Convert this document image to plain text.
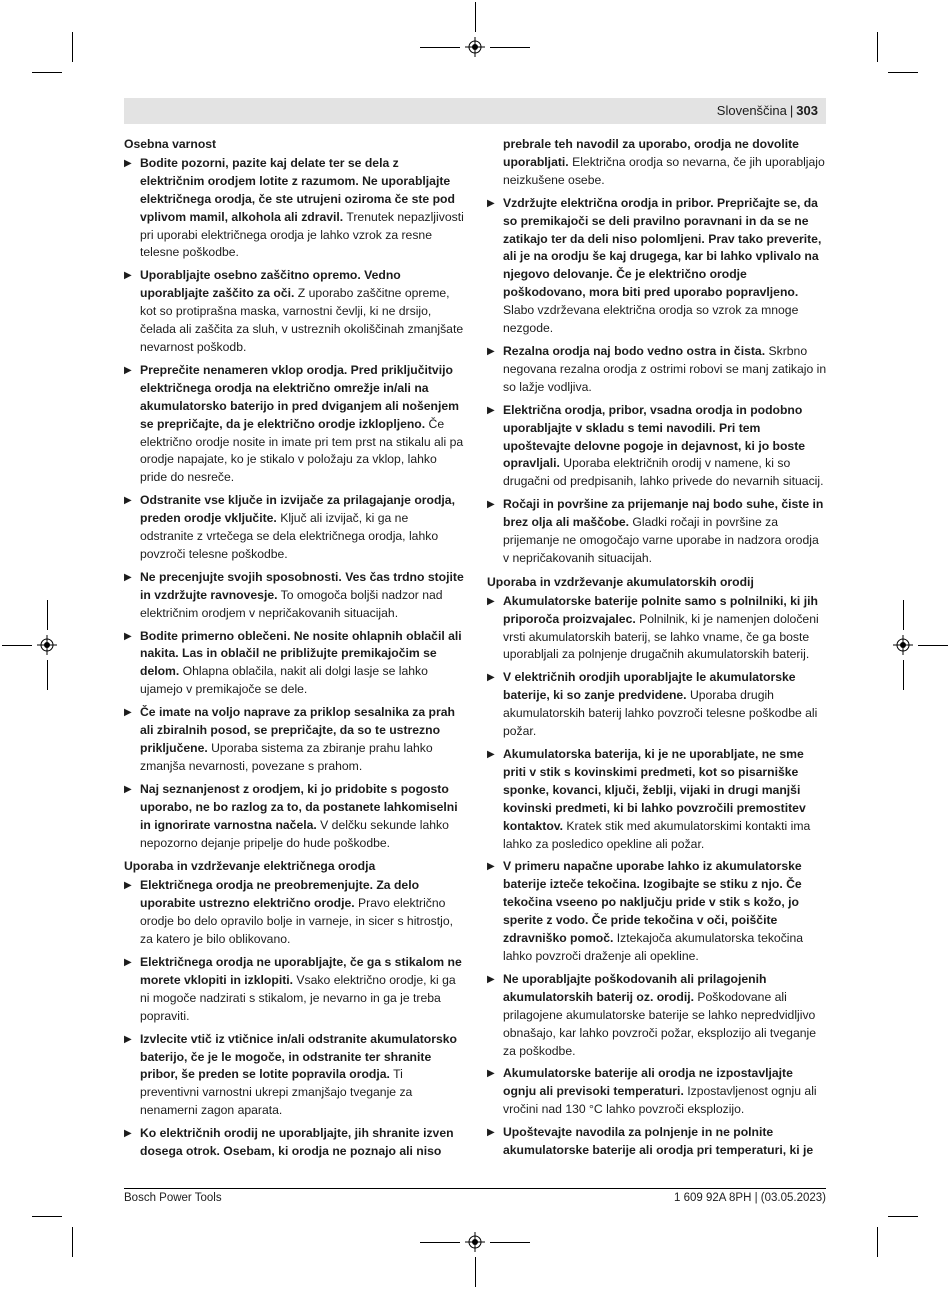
Slovenščina | 303
Osebna varnost
▶ Bodite pozorni, pazite kaj delate ter se dela z električnim orodjem lotite z razumom. Ne uporabljajte električnega orodja, če ste utrujeni oziroma če ste pod vplivom mamil, alkohola ali zdravil. Trenutek nepazljivosti pri uporabi električnega orodja je lahko vzrok za resne telesne poškodbe.
▶ Uporabljajte osebno zaščitno opremo. Vedno uporabljajte zaščito za oči. Z uporabo zaščitne opreme, kot so protiprašna maska, varnostni čevlji, ki ne drsijo, čelada ali zaščita za sluh, v ustreznih okoliščinah zmanjšate nevarnost poškodb.
▶ Preprečite nenameren vklop orodja. Pred priključitvijo električnega orodja na električno omrežje in/ali na akumulatorsko baterijo in pred dviganjem ali nošenjem se prepričajte, da je električno orodje izklopljeno. Če električno orodje nosite in imate pri tem prst na stikalu ali pa orodje napajate, ko je stikalo v položaju za vklop, lahko pride do nesreče.
▶ Odstranite vse ključe in izvijače za prilagajanje orodja, preden orodje vključite. Ključ ali izvijač, ki ga ne odstranite z vrtečega se dela električnega orodja, lahko povzroči telesne poškodbe.
▶ Ne precenjujte svojih sposobnosti. Ves čas trdno stojite in vzdržujte ravnovesje. To omogoča boljši nadzor nad električnim orodjem v nepričakovanih situacijah.
▶ Bodite primerno oblečeni. Ne nosite ohlapnih oblačil ali nakita. Las in oblačil ne približujte premikajočim se delom. Ohlapna oblačila, nakit ali dolgi lasje se lahko ujamejo v premikajoče se dele.
▶ Če imate na voljo naprave za priklop sesalnika za prah ali zbiralnih posod, se prepričajte, da so te ustrezno priključene. Uporaba sistema za zbiranje prahu lahko zmanjša nevarnosti, povezane s prahom.
▶ Naj seznanjenost z orodjem, ki jo pridobite s pogosto uporabo, ne bo razlog za to, da postanete lahkomiselni in ignorirate varnostna načela. V delčku sekunde lahko nepozorno dejanje pripelje do hude poškodbe.
Uporaba in vzdrževanje električnega orodja
▶ Električnega orodja ne preobremenjujte. Za delo uporabite ustrezno električno orodje. Pravo električno orodje bo delo opravilo bolje in varneje, in sicer s hitrostjo, za katero je bilo oblikovano.
▶ Električnega orodja ne uporabljajte, če ga s stikalom ne morete vklopiti in izklopiti. Vsako električno orodje, ki ga ni mogoče nadzirati s stikalom, je nevarno in ga je treba popraviti.
▶ Izvlecite vtič iz vtičnice in/ali odstranite akumulatorsko baterijo, če je le mogoče, in odstranite ter shranite pribor, še preden se lotite popravila orodja. Ti preventivni varnostni ukrepi zmanjšajo tveganje za nenamerni zagon aparata.
▶ Ko električnih orodij ne uporabljajte, jih shranite izven dosega otrok. Osebam, ki orodja ne poznajo ali niso
prebrale teh navodil za uporabo, orodja ne dovolite uporabljati. Električna orodja so nevarna, če jih uporabljajo neizkušene osebe.
▶ Vzdržujte električna orodja in pribor. Prepričajte se, da so premikajoči se deli pravilno poravnani in da se ne zatikajo ter da deli niso polomljeni. Prav tako preverite, ali je na orodju še kaj drugega, kar bi lahko vplivalo na njegovo delovanje. Če je električno orodje poškodovano, mora biti pred uporabo popravljeno. Slabo vzdrževana električna orodja so vzrok za mnoge nezgode.
▶ Rezalna orodja naj bodo vedno ostra in čista. Skrbno negovana rezalna orodja z ostrimi robovi se manj zatikajo in so lažje vodljiva.
▶ Električna orodja, pribor, vsadna orodja in podobno uporabljajte v skladu s temi navodili. Pri tem upoštevajte delovne pogoje in dejavnost, ki jo boste opravljali. Uporaba električnih orodij v namene, ki so drugačni od predpisanih, lahko privede do nevarnih situacij.
▶ Ročaji in površine za prijemanje naj bodo suhe, čiste in brez olja ali maščobe. Gladki ročaji in površine za prijemanje ne omogočajo varne uporabe in nadzora orodja v nepričakovanih situacijah.
Uporaba in vzdrževanje akumulatorskih orodij
▶ Akumulatorske baterije polnite samo s polnilniki, ki jih priporoča proizvajalec. Polnilnik, ki je namenjen določeni vrsti akumulatorskih baterij, se lahko vname, če ga boste uporabljali za polnjenje drugačnih akumulatorskih baterij.
▶ V električnih orodjih uporabljajte le akumulatorske baterije, ki so zanje predvidene. Uporaba drugih akumulatorskih baterij lahko povzroči telesne poškodbe ali požar.
▶ Akumulatorska baterija, ki je ne uporabljate, ne sme priti v stik s kovinskimi predmeti, kot so pisarniške sponke, kovanci, ključi, žeblji, vijaki in drugi manjši kovinski predmeti, ki bi lahko povzročili premostitev kontaktov. Kratek stik med akumulatorskimi kontakti ima lahko za posledico opekline ali požar.
▶ V primeru napačne uporabe lahko iz akumulatorske baterije izteče tekočina. Izogibajte se stiku z njo. Če tekočina vseeno po naključju pride v stik s kožo, jo sperite z vodo. Če pride tekočina v oči, poiščite zdravniško pomoč. Iztekajoča akumulatorska tekočina lahko povzroči draženje ali opekline.
▶ Ne uporabljajte poškodovanih ali prilagojenih akumulatorskih baterij oz. orodij. Poškodovane ali prilagojene akumulatorske baterije se lahko nepredvidljivo obnašajo, kar lahko povzroči požar, eksplozijo ali tveganje za poškodbe.
▶ Akumulatorske baterije ali orodja ne izpostavljajte ognju ali previsoki temperaturi. Izpostavljenost ognju ali vročini nad 130 °C lahko povzroči eksplozijo.
▶ Upoštevajte navodila za polnjenje in ne polnite akumulatorske baterije ali orodja pri temperaturi, ki je
Bosch Power Tools	1 609 92A 8PH | (03.05.2023)
